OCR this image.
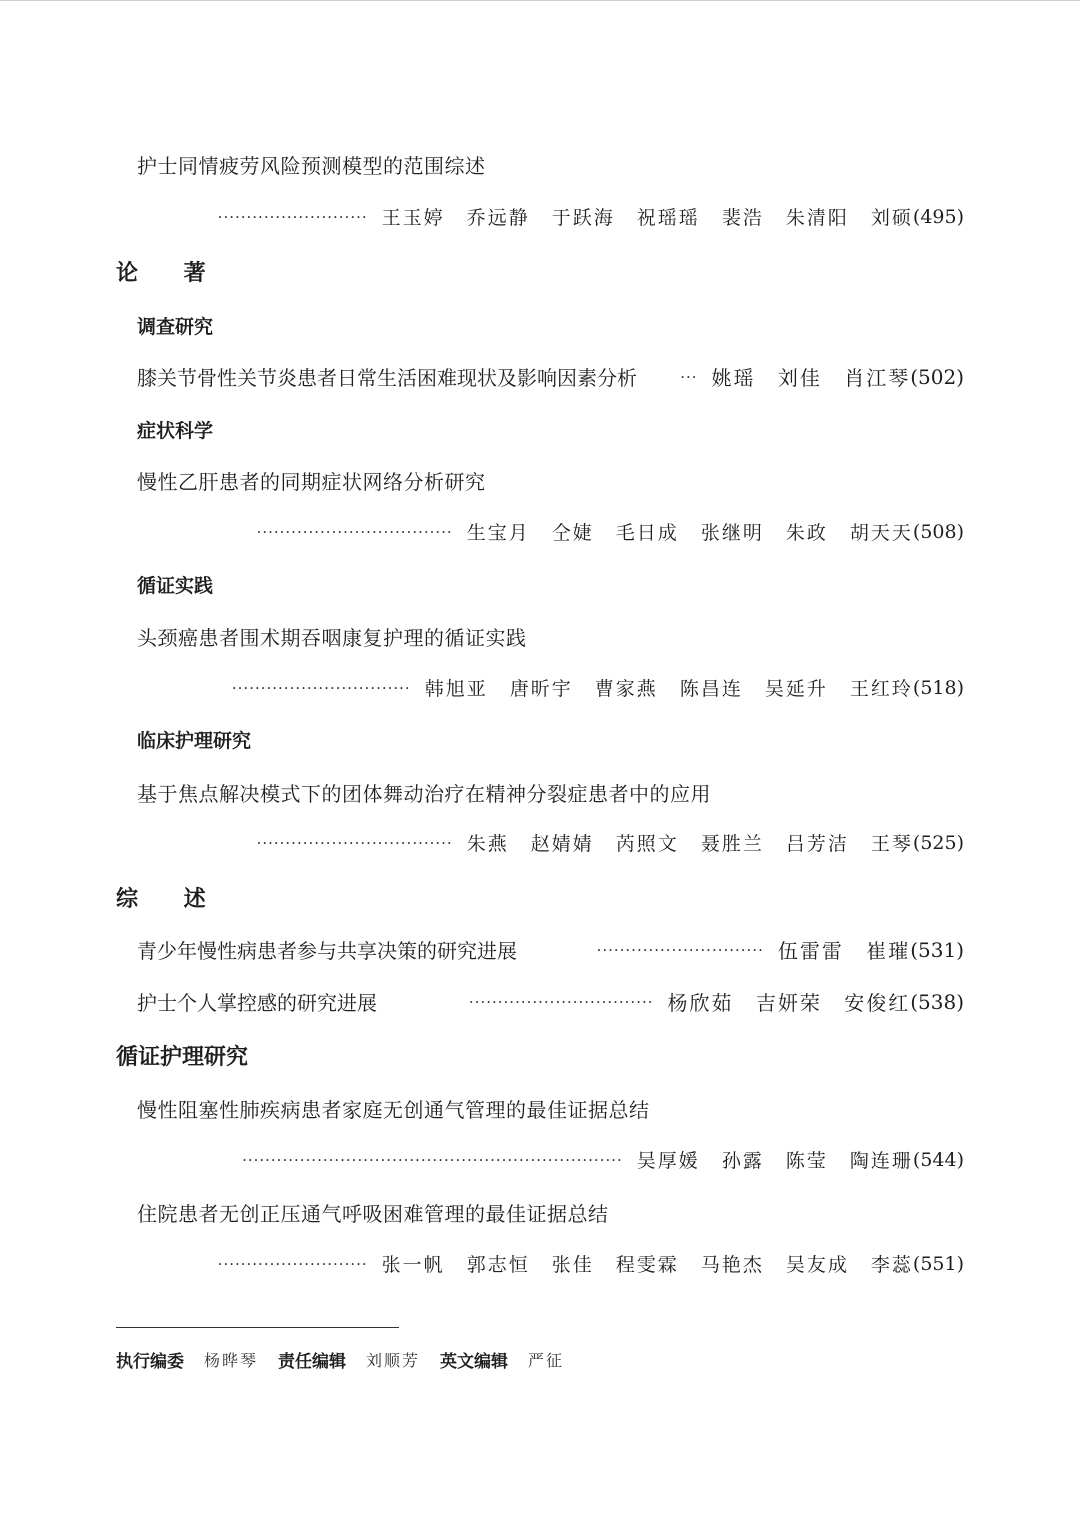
护士同情疲劳风险预测模型的范围综述
·························· 王玉婷 乔远静 于跃海 祝瑶瑶 裴浩 朱清阳 刘硕 (495)
论 著
调查研究
膝关节骨性关节炎患者日常生活困难现状及影响因素分析	··· 姚瑶 刘佳 肖江琴 (502)
症状科学
慢性乙肝患者的同期症状网络分析研究
·································· 生宝月 仝婕 毛日成 张继明 朱政 胡天天 (508)
循证实践
头颈癌患者围术期吞咽康复护理的循证实践
······························· 韩旭亚 唐昕宇 曹家燕 陈昌连 吴延升 王红玲 (518)
临床护理研究
基于焦点解决模式下的团体舞动治疗在精神分裂症患者中的应用
·································· 朱燕 赵婧婧 芮照文 聂胜兰 吕芳洁 王琴 (525)
综 述
青少年慢性病患者参与共享决策的研究进展	····························· 伍雷雷 崔璀 (531)
护士个人掌控感的研究进展	································ 杨欣茹 吉妍荣 安俊红 (538)
循证护理研究
慢性阻塞性肺疾病患者家庭无创通气管理的最佳证据总结
·································································· 吴厚媛 孙露 陈莹 陶连珊 (544)
住院患者无创正压通气呼吸困难管理的最佳证据总结
·························· 张一帆 郭志恒 张佳 程雯霖 马艳杰 吴友成 李蕊 (551)
执行编委 杨晔琴 责任编辑 刘顺芳 英文编辑 严征
